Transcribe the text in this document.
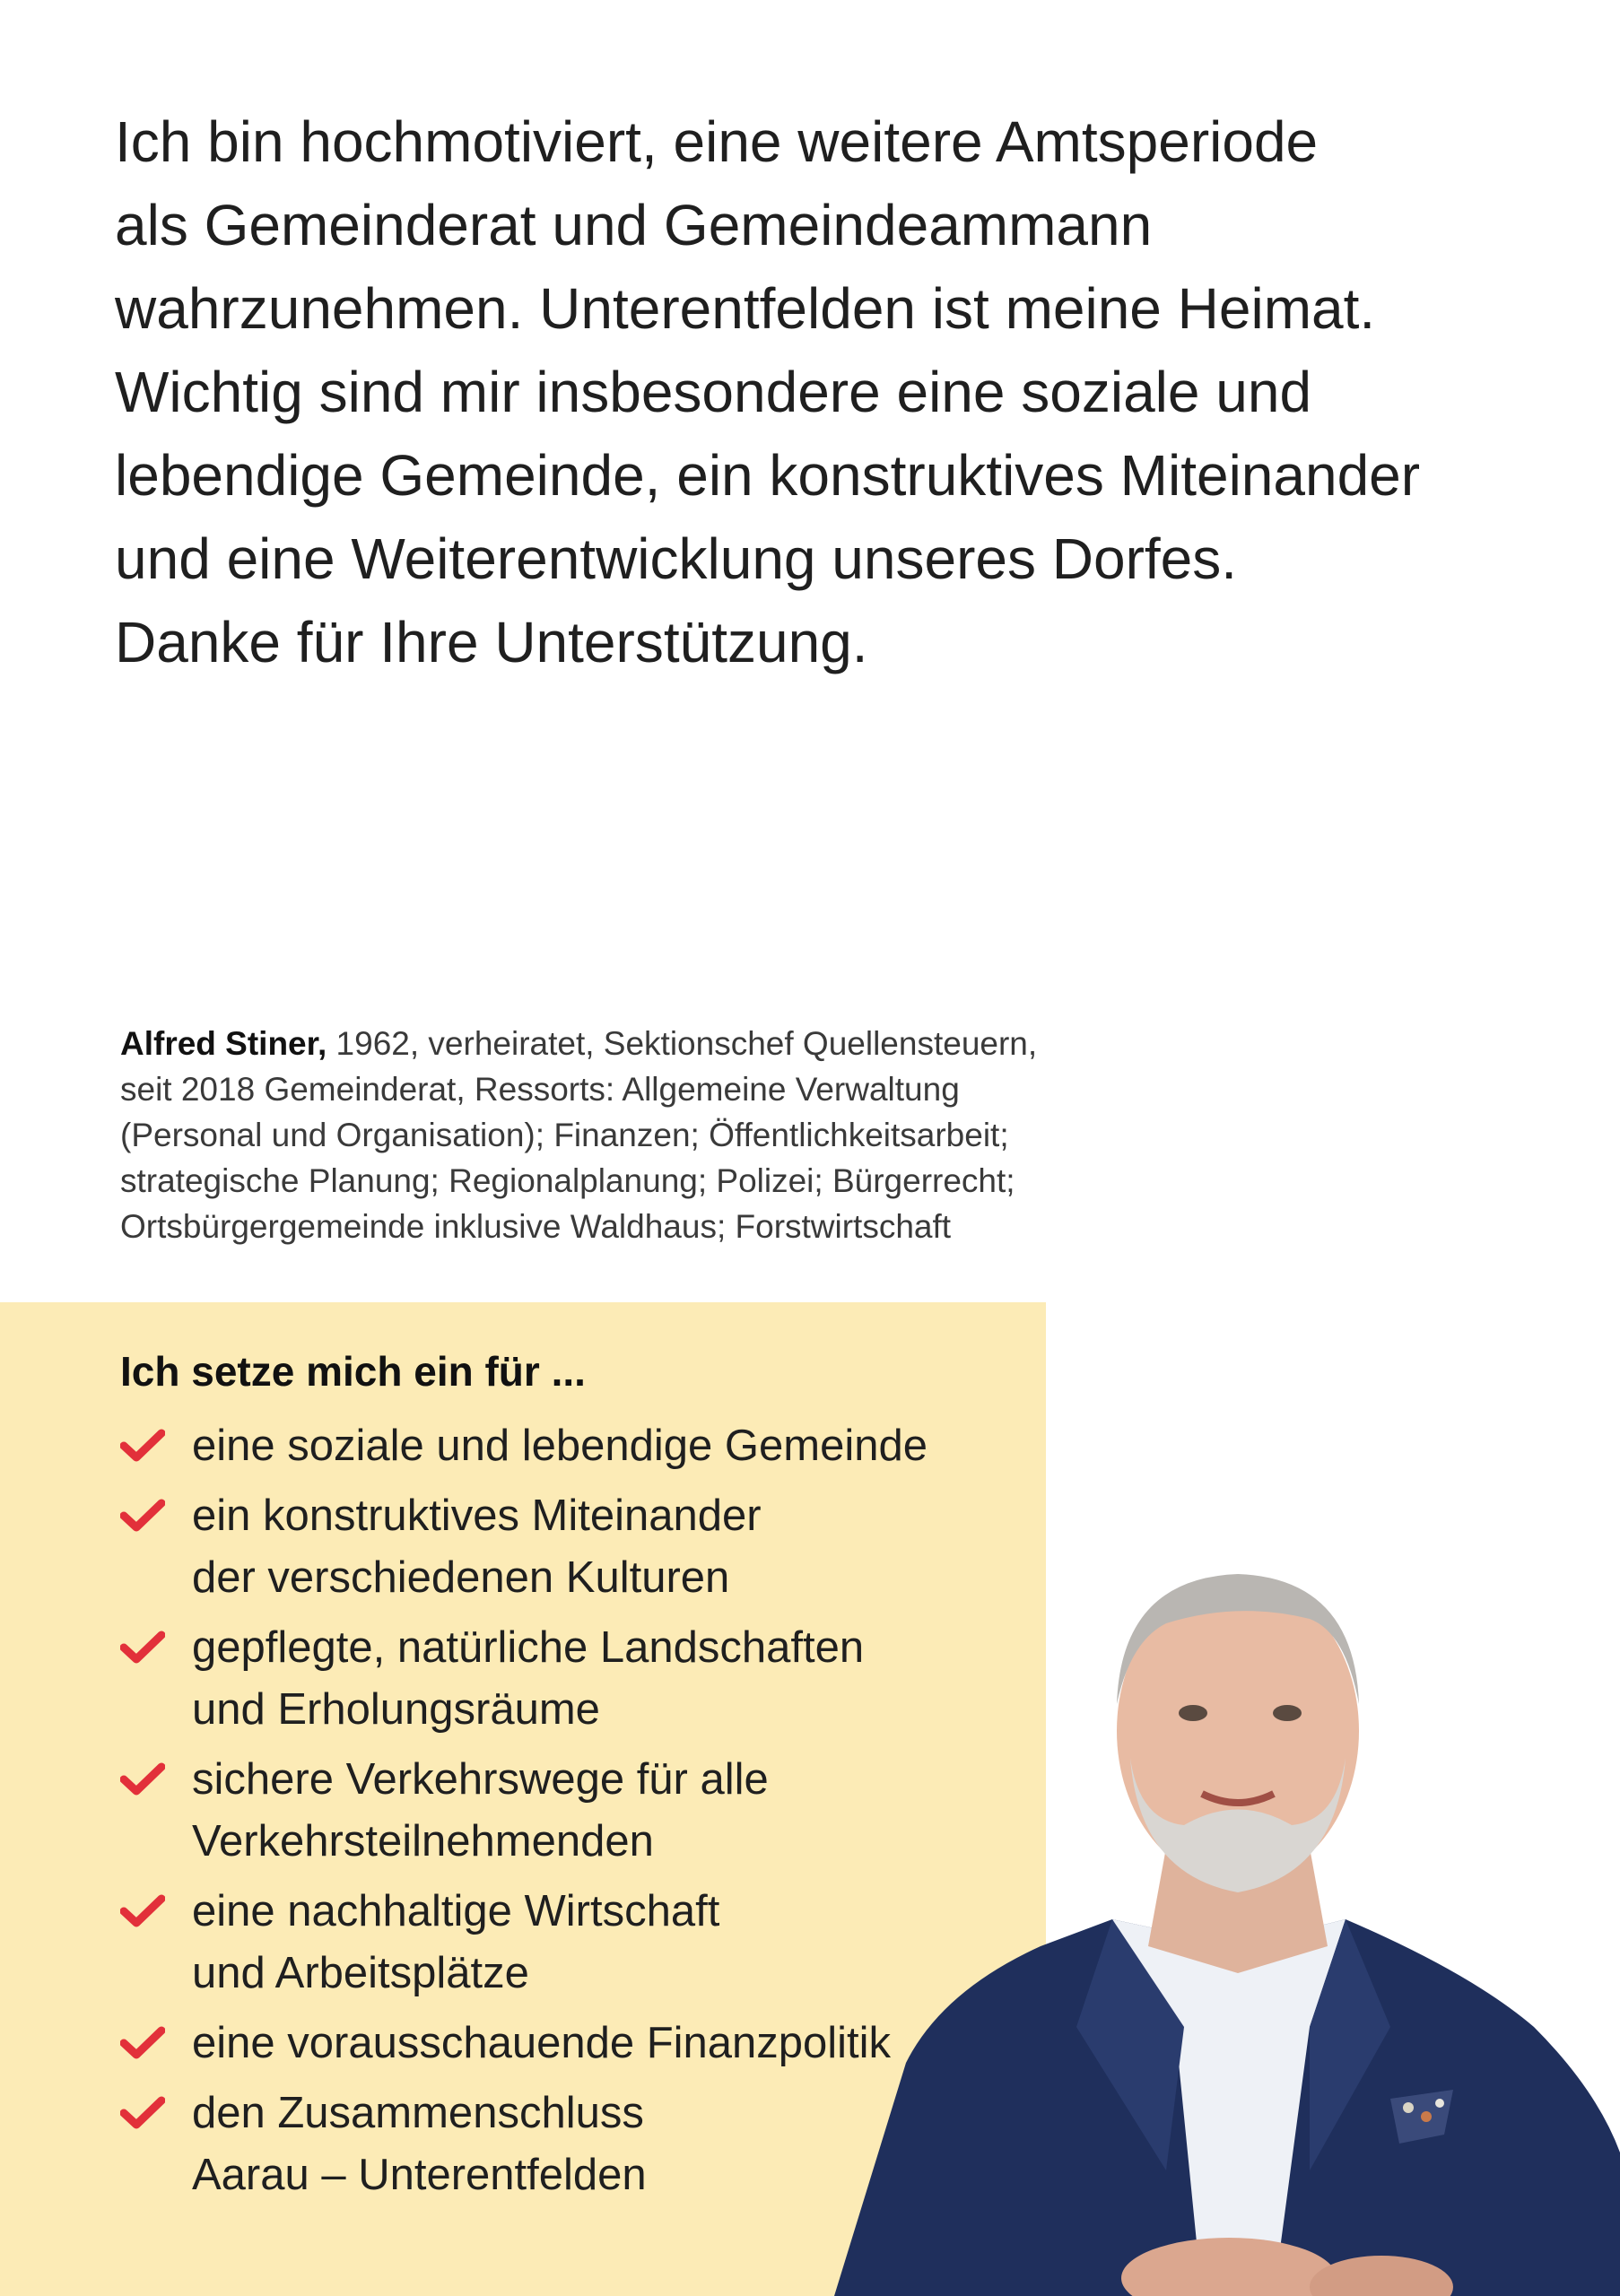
Ich bin hochmotiviert, eine weitere Amtsperiode
als Gemeinderat und Gemeindeammann
wahrzunehmen. Unterentfelden ist meine Heimat.
Wichtig sind mir insbesondere eine soziale und
lebendige Gemeinde, ein konstruktives Miteinander
und eine Weiterentwicklung unseres Dorfes.
Danke für Ihre Unterstützung.

Alfred Stiner, 1962, verheiratet, Sektionschef Quellensteuern,
seit 2018 Gemeinderat, Ressorts: Allgemeine Verwaltung
(Personal und Organisation); Finanzen; Öffentlichkeitsarbeit;
strategische Planung; Regionalplanung; Polizei; Bürgerrecht;
Ortsbürgergemeinde inklusive Waldhaus; Forstwirtschaft

Ich setze mich ein für ...
eine soziale und lebendige Gemeinde
ein konstruktives Miteinander
der verschiedenen Kulturen
gepflegte, natürliche Landschaften
und Erholungsräume
sichere Verkehrswege für alle
Verkehrsteilnehmenden
eine nachhaltige Wirtschaft
und Arbeitsplätze
eine vorausschauende Finanzpolitik
den Zusammenschluss
Aarau – Unterentfelden
